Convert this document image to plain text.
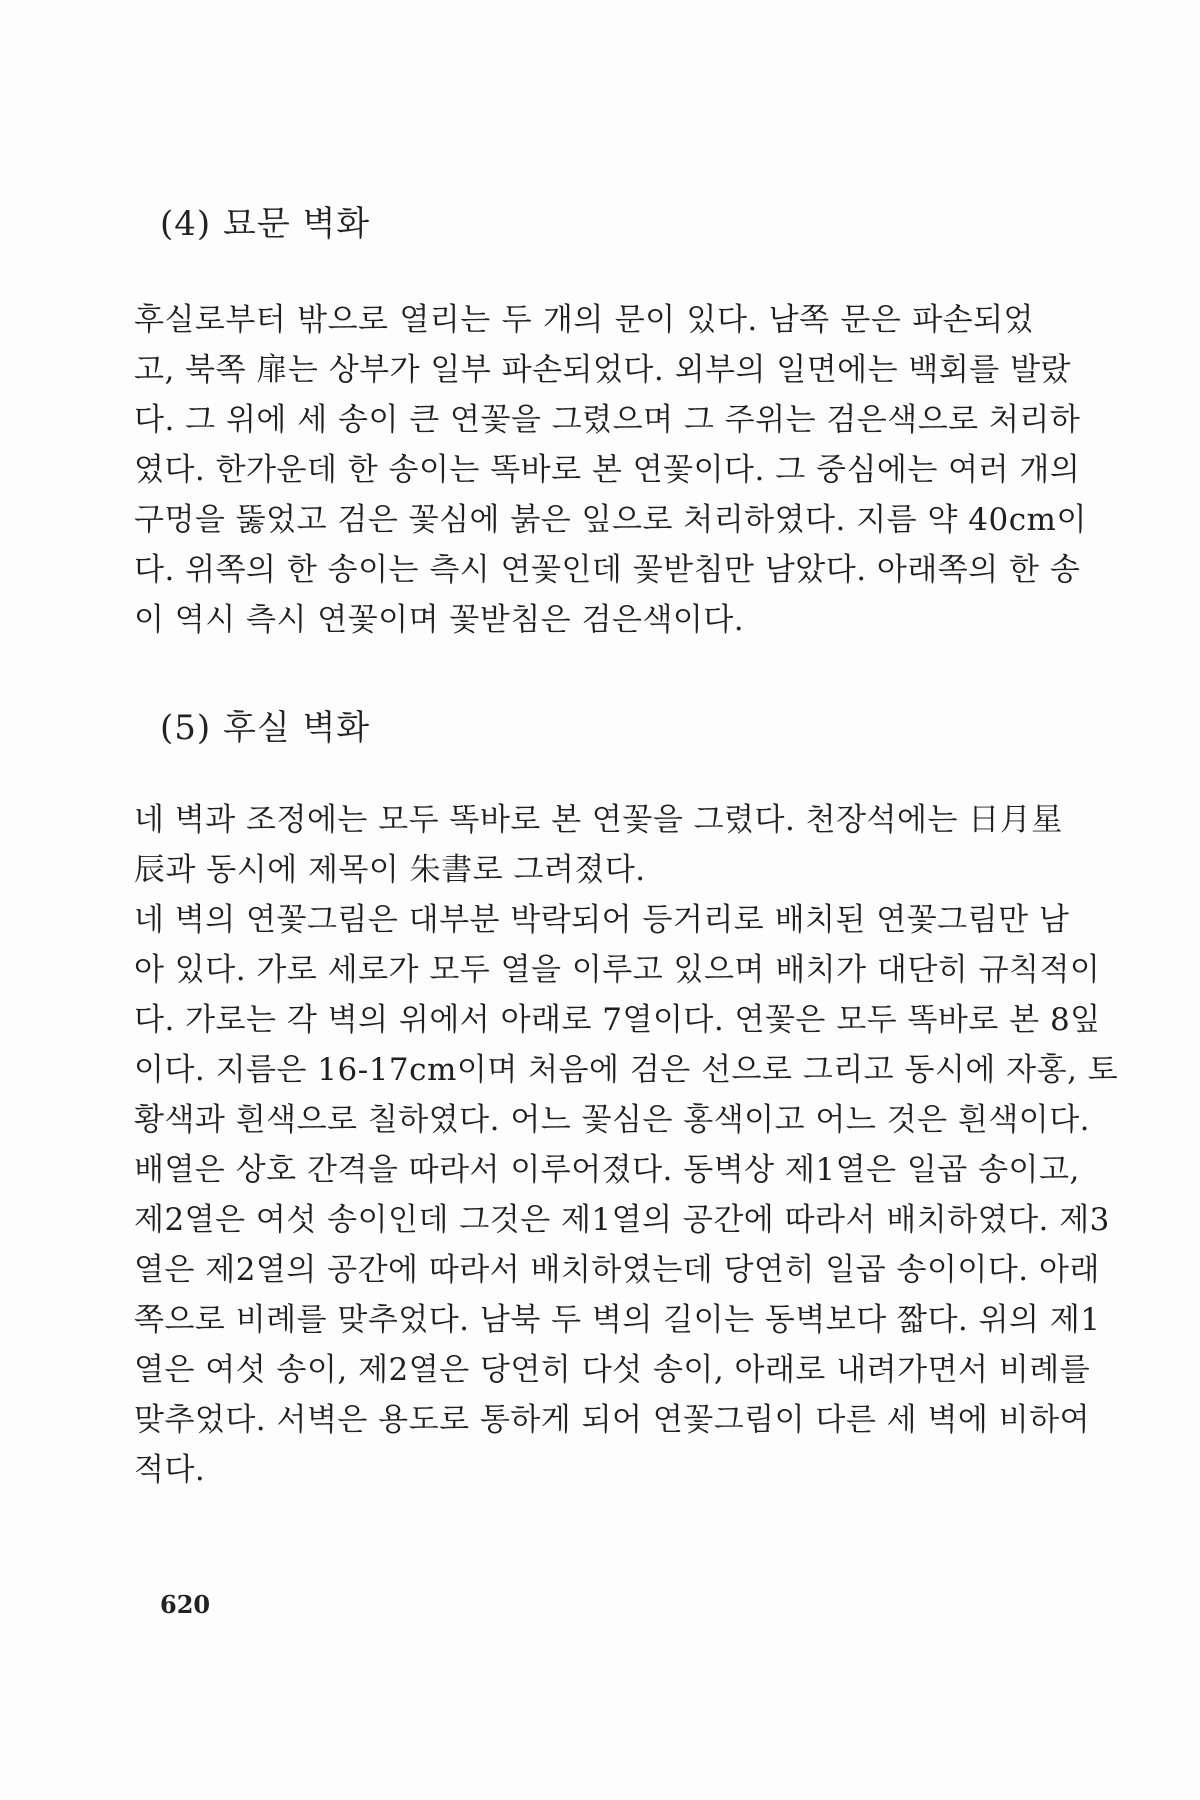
(4) 묘문 벽화
후실로부터 밖으로 열리는 두 개의 문이 있다. 남쪽 문은 파손되었
고, 북쪽 扉는 상부가 일부 파손되었다. 외부의 일면에는 백회를 발랐
다. 그 위에 세 송이 큰 연꽃을 그렸으며 그 주위는 검은색으로 처리하
였다. 한가운데 한 송이는 똑바로 본 연꽃이다. 그 중심에는 여러 개의
구멍을 뚫었고 검은 꽃심에 붉은 잎으로 처리하였다. 지름 약 40cm이
다. 위쪽의 한 송이는 측시 연꽃인데 꽃받침만 남았다. 아래쪽의 한 송
이 역시 측시 연꽃이며 꽃받침은 검은색이다.
(5) 후실 벽화
네 벽과 조정에는 모두 똑바로 본 연꽃을 그렸다. 천장석에는 日月星
辰과 동시에 제목이 朱書로 그려졌다.
네 벽의 연꽃그림은 대부분 박락되어 등거리로 배치된 연꽃그림만 남
아 있다. 가로 세로가 모두 열을 이루고 있으며 배치가 대단히 규칙적이
다. 가로는 각 벽의 위에서 아래로 7열이다. 연꽃은 모두 똑바로 본 8잎
이다. 지름은 16-17cm이며 처음에 검은 선으로 그리고 동시에 자홍, 토
황색과 흰색으로 칠하였다. 어느 꽃심은 홍색이고 어느 것은 흰색이다.
배열은 상호 간격을 따라서 이루어졌다. 동벽상 제1열은 일곱 송이고,
제2열은 여섯 송이인데 그것은 제1열의 공간에 따라서 배치하였다. 제3
열은 제2열의 공간에 따라서 배치하였는데 당연히 일곱 송이이다. 아래
쪽으로 비례를 맞추었다. 남북 두 벽의 길이는 동벽보다 짧다. 위의 제1
열은 여섯 송이, 제2열은 당연히 다섯 송이, 아래로 내려가면서 비례를
맞추었다. 서벽은 용도로 통하게 되어 연꽃그림이 다른 세 벽에 비하여
적다.
620
